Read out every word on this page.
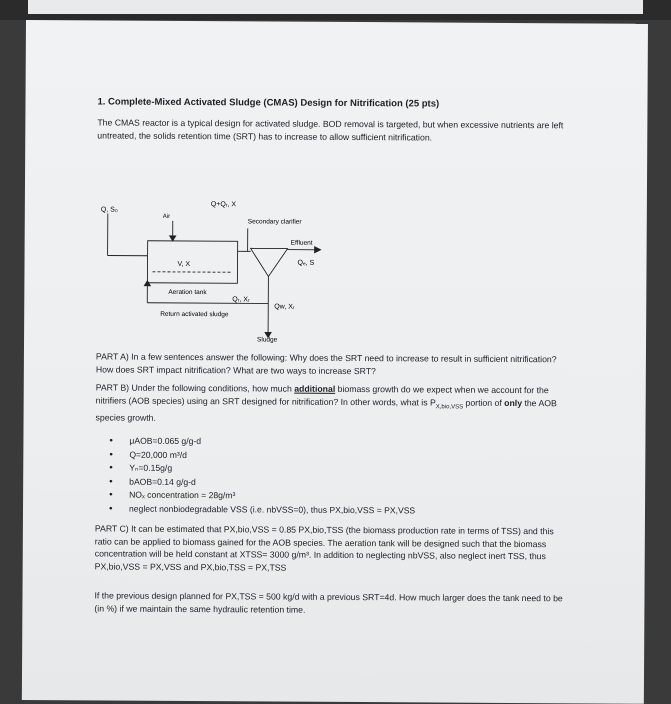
1. Complete-Mixed Activated Sludge (CMAS) Design for Nitrification (25 pts)
The CMAS reactor is a typical design for activated sludge. BOD removal is targeted, but when excessive nutrients are left untreated, the solids retention time (SRT) has to increase to allow sufficient nitrification.
Q, S₀
Air
Q+Qᵣ, X
Secondary clarifier
Effluent
Qₑ, S
V, X
Aeration tank
Qᵣ, Xᵣ
Qw, Xᵣ
Return activated sludge
Sludge
PART A) In a few sentences answer the following: Why does the SRT need to increase to result in sufficient nitrification? How does SRT impact nitrification? What are two ways to increase SRT?
PART B) Under the following conditions, how much additional biomass growth do we expect when we account for the nitrifiers (AOB species) using an SRT designed for nitrification? In other words, what is $P_{X,bio,VSS}$ portion of only the AOB species growth.
• μAOB=0.065 g/g-d
• Q=20,000 m³/d
• Yₙ=0.15g/g
• bAOB=0.14 g/g-d
• NOₓ concentration = 28g/m³
• neglect nonbiodegradable VSS (i.e. nbVSS=0), thus PX,bio,VSS = PX,VSS
PART C) It can be estimated that PX,bio,VSS = 0.85 PX,bio,TSS (the biomass production rate in terms of TSS) and this ratio can be applied to biomass gained for the AOB species. The aeration tank will be designed such that the biomass concentration will be held constant at XTSS= 3000 g/m³. In addition to neglecting nbVSS, also neglect inert TSS, thus PX,bio,VSS = PX,VSS and PX,bio,TSS = PX,TSS
If the previous design planned for PX,TSS = 500 kg/d with a previous SRT=4d. How much larger does the tank need to be (in %) if we maintain the same hydraulic retention time.
